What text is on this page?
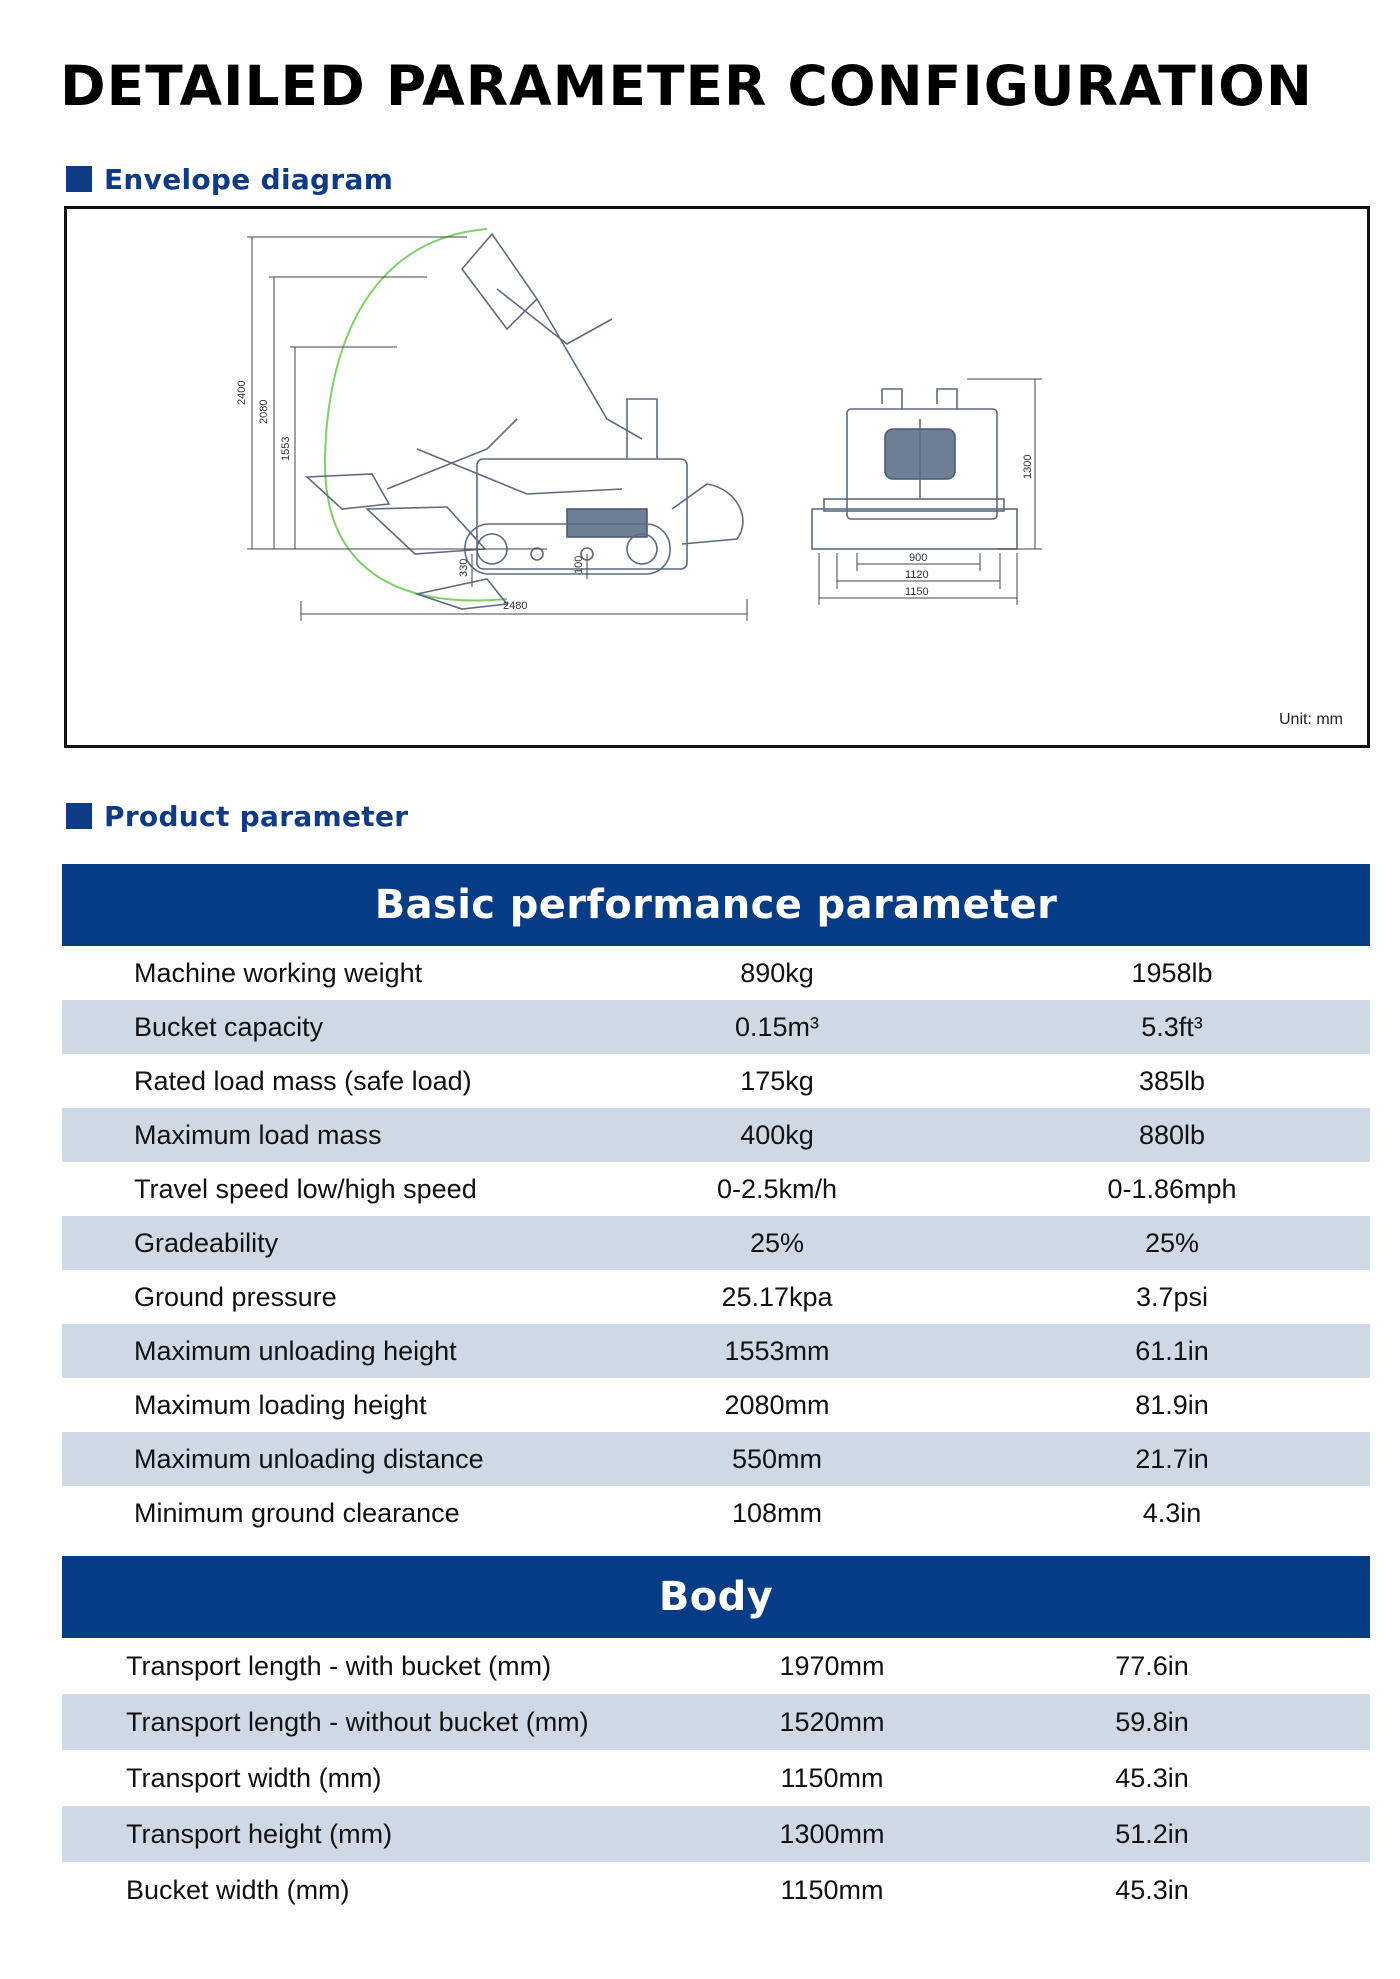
DETAILED PARAMETER CONFIGURATION
Envelope diagram
2400
2080
1553
330	100
2480
1300
900
1120
1150
Unit: mm
Product parameter
Basic performance parameter
Machine working weight	890kg	1958lb
Bucket capacity	0.15m³	5.3ft³
Rated load mass (safe load)	175kg	385lb
Maximum load mass	400kg	880lb
Travel speed low/high speed	0-2.5km/h	0-1.86mph
Gradeability	25%	25%
Ground pressure	25.17kpa	3.7psi
Maximum unloading height	1553mm	61.1in
Maximum loading height	2080mm	81.9in
Maximum unloading distance	550mm	21.7in
Minimum ground clearance	108mm	4.3in
Body
Transport length - with bucket (mm)	1970mm	77.6in
Transport length - without bucket (mm)	1520mm	59.8in
Transport width (mm)	1150mm	45.3in
Transport height (mm)	1300mm	51.2in
Bucket width (mm)	1150mm	45.3in
